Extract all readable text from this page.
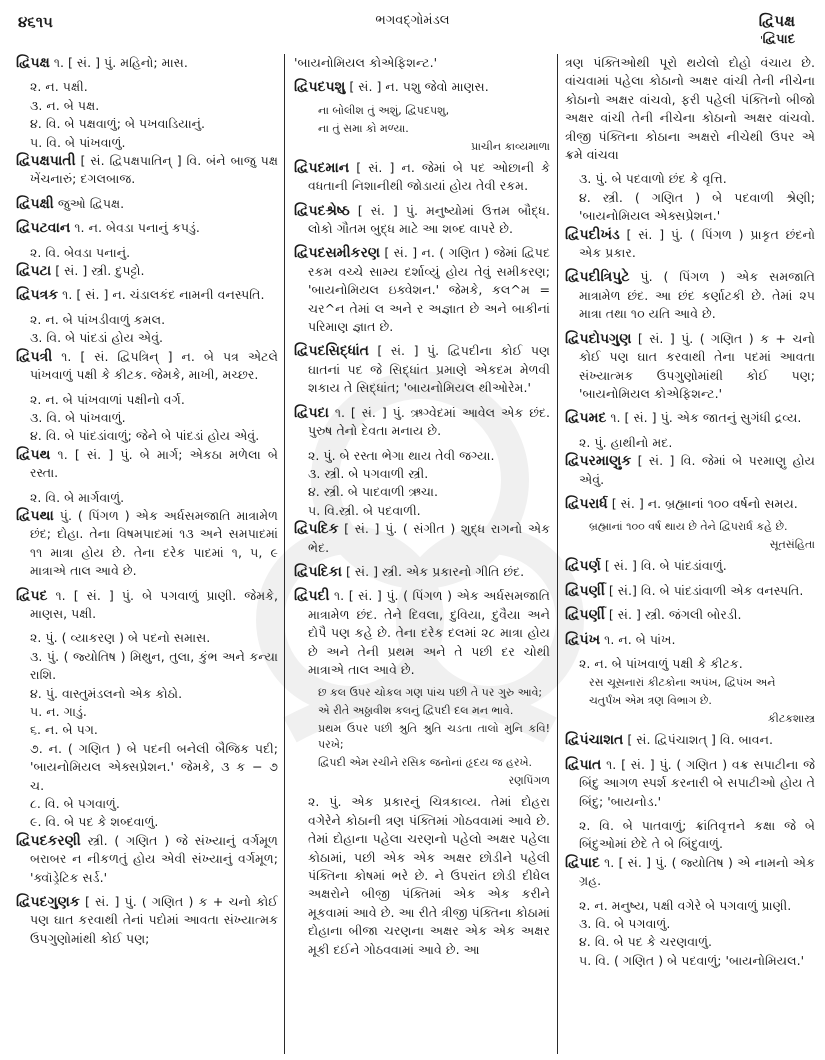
૪૬૧૫	ભગવદ્ગોમંડલ	દ્વિપક્ષ
' દ્વિપાદ
દ્વિપક્ષ ૧. [ સં. ] પું. મહિનો; માસ.

૨. ન. પક્ષી.

૩. ન. બે પક્ષ.

૪. વિ. બે પક્ષવાળું; બે પખવાડિયાનું.

૫. વિ. બે પાંખવાળું.

દ્વિપક્ષપાતી [ સં. દ્વિપક્ષપાતિન્ ] વિ. બંને બાજુ પક્ષ ખેંચનારું; દગલબાજ.
દ્વિપક્ષી જુઓ દ્વિપક્ષ.
દ્વિપટવાન ૧. ન. બેવડા પનાનું કપડું.

૨. વિ. બેવડા પનાનું.

દ્વિપટા [ સં. ] સ્ત્રી. દુપટ્ટો.
દ્વિપત્રક ૧. [ સં. ] ન. ચંડાલકંદ નામની વનસ્પતિ.

૨. ન. બે પાંખડીવાળું કમલ.

૩. વિ. બે પાંદડાં હોય એવું.

દ્વિપત્રી ૧. [ સં. દ્વિપત્રિન્ ] ન. બે પત્ર એટલે પાંખવાળું પક્ષી કે કીટક. જેમકે, માખી, મચ્છર.

૨. ન. બે પાંખવાળાં પક્ષીનો વર્ગ.

૩. વિ. બે પાંખવાળું.

૪. વિ. બે પાંદડાંવાળું; જેને બે પાંદડાં હોય એવું.

દ્વિપથ ૧. [ સં. ] પું. બે માર્ગ; એકઠા મળેલા બે રસ્તા.

૨. વિ. બે માર્ગવાળું.

દ્વિપથા પું. ( પિંગળ ) એક અર્ધસમજાતિ માત્રામેળ છંદ; દોહા. તેના વિષમપાદમાં ૧૩ અને સમપાદમાં ૧૧ માત્રા હોય છે. તેના દરેક પાદમાં ૧, ૫, ૯ માત્રાએ તાલ આવે છે.
દ્વિપદ ૧. [ સં. ] પું. બે પગવાળું પ્રાણી. જેમકે, માણસ, પક્ષી.

૨. પું. ( વ્યાકરણ ) બે પદનો સમાસ.

૩. પું. ( જ્યોતિષ ) મિથુન, તુલા, કુંભ અને કન્યા રાશિ.

૪. પું. વાસ્તુમંડલનો એક કોઠો.

૫. ન. ગાડું.

૬. ન. બે પગ.

૭. ન. ( ગણિત ) બે પદની બનેલી બૈજિક પદી; 'બાયનોમિયલ એક્સપ્રેશન.' જેમકે, ૩ ક − ૭ ચ.

૮. વિ. બે પગવાળું.

૯. વિ. બે પદ કે શબ્દવાળું.

દ્વિપદકરણી સ્ત્રી. ( ગણિત ) જે સંખ્યાનું વર્ગમૂળ બરાબર ન નીકળતું હોય એવી સંખ્યાનું વર્ગમૂળ; 'ક્વૉડ્રેટિક સર્ડ.'
દ્વિપદગુણક [ સં. ] પું. ( ગણિત ) ક + ચનો કોઈ પણ ઘાત કરવાથી તેનાં પદોમાં આવતા સંખ્યાત્મક ઉપગુણોમાંથી કોઈ પણ;

'બાયનોમિયલ કોએફિશન્ટ.'

દ્વિપદપશુ [ સં. ] ન. પશુ જેવો માણસ.

ના બોલીશ તું અશું, દ્વિપદપશુ,

ના તું સમા કો મળ્યા.

પ્રાચીન કાવ્યમાળા

દ્વિપદમાન [ સં. ] ન. જેમાં બે પદ ઓછાની કે વધતાની નિશાનીથી જોડાયાં હોય તેવી રકમ.
દ્વિપદશ્રેષ્ઠ [ સં. ] પું. મનુષ્યોમાં ઉત્તમ બૌદ્ધ. લોકો ગૌતમ બુદ્ધ માટે આ શબ્દ વાપરે છે.
દ્વિપદસમીકરણ [ સં. ] ન. ( ગણિત ) જેમાં દ્વિપદ રકમ વચ્ચે સામ્ય દર્શાવ્યું હોય તેવું સમીકરણ; 'બાયનોમિયલ ઇક્વેશન.' જેમકે, કલ^મ = ચર^ન તેમાં લ અને ર અજ્ઞાત છે અને બાકીનાં પરિમાણ જ્ઞાત છે.
દ્વિપદસિદ્ધાંત [ સં. ] પું. દ્વિપદીના કોઈ પણ ઘાતનાં પદ જે સિદ્ધાંત પ્રમાણે એકદમ મેળવી શકાય તે સિદ્ધાંત; 'બાયનોમિયલ થીઓરેમ.'
દ્વિપદા ૧. [ સં. ] પું. ઋગ્વેદમાં આવેલ એક છંદ. પુરુષ તેનો દેવતા મનાય છે.

૨. પું. બે રસ્તા ભેગા થાય તેવી જગ્યા.

૩. સ્ત્રી. બે પગવાળી સ્ત્રી.

૪. સ્ત્રી. બે પાદવાળી ઋચા.

૫. વિ.સ્ત્રી. બે પદવાળી.

દ્વિપદિક [ સં. ] પું. ( સંગીત ) શુદ્ધ રાગનો એક ભેદ.
દ્વિપદિકા [ સં. ] સ્ત્રી. એક પ્રકારનો ગીતિ છંદ.
દ્વિપદી ૧. [ સં. ] પું. ( પિંગળ ) એક અર્ધસમજાતિ માત્રામેળ છંદ. તેને દિવલા, દુવિયા, દુવૈયા અને દોપૈ પણ કહે છે. તેના દરેક દલમાં ૨૮ માત્રા હોય છે અને તેની પ્રથમ અને તે પછી દર ચોથી માત્રાએ તાલ આવે છે.

છ કલ ઉપર ચોકલ ગણ પાંચ પછી તે પર ગુરુ આવે;

એ રીતે અઠ્ઠાવીશ કલનું દ્વિપદી દલ મન ભાવે.

પ્રથમ ઉપર પછી શ્રુતિ શ્રુતિ ચડતા તાલો મુનિ કવિ!પરખે;

દ્વિપદી એમ રચીને રસિક જનોનાં હૃદય જ હરખે.

રણપિંગળ

૨. પું. એક પ્રકારનું ચિત્રકાવ્ય. તેમાં દોહરા વગેરેને કોઠાની ત્રણ પંક્તિમાં ગોઠવવામાં આવે છે. તેમાં દોહાના પહેલા ચરણનો પહેલો અક્ષર પહેલા કોઠામાં, પછી એક એક અક્ષર છોડીને પહેલી પંક્તિના કોષમાં ભરે છે. ને ઉપરાંત છોડી દીધેલ અક્ષરોને બીજી પંક્તિમાં એક એક કરીને મૂકવામાં આવે છે. આ રીતે ત્રીજી પંક્તિના કોઠામાં દોહાના બીજા ચરણના અક્ષર એક એક અક્ષર મૂકી દઈને ગોઠવવામાં આવે છે. આ

ત્રણ પંક્તિઓથી પૂરો થયેલો દોહો વંચાય છે. વાંચવામાં પહેલા કોઠાનો અક્ષર વાંચી તેની નીચેના કોઠાનો અક્ષર વાંચવો, ફરી પહેલી પંક્તિનો બીજો અક્ષર વાંચી તેની નીચેના કોઠાનો અક્ષર વાંચવો. ત્રીજી પંક્તિના કોઠાના અક્ષરો નીચેથી ઉપર એ ક્રમે વાંચવા

૩. પું. બે પદવાળો છંદ કે વૃત્તિ.

૪. સ્ત્રી. ( ગણિત ) બે પદવાળી શ્રેણી; 'બાયનોમિયલ એક્સપ્રેશન.'

દ્વિપદીખંડ [ સં. ] પું. ( પિંગળ ) પ્રાકૃત છંદનો એક પ્રકાર.
દ્વિપદીત્રિપુટે પું. ( પિંગળ ) એક સમજાતિ માત્રામેળ છંદ. આ છંદ કર્ણાટકી છે. તેમાં ૨૫ માત્રા તથા ૧૦ યતિ આવે છે.
દ્વિપદોપગુણ [ સં. ] પું. ( ગણિત ) ક + ચનો કોઈ પણ ઘાત કરવાથી તેના પદમાં આવતા સંખ્યાત્મક ઉપગુણોમાંથી કોઈ પણ; 'બાયનોમિયલ કોએફિશન્ટ.'
દ્વિપમદ ૧. [ સં. ] પું. એક જાતનું સુગંધી દ્રવ્ય.

૨. પું. હાથીનો મદ.

દ્વિપરમાણુક [ સં. ] વિ. જેમાં બે પરમાણુ હોય એવું.
દ્વિપરાર્ધ [ સં. ] ન. બ્રહ્માનાં ૧૦૦ વર્ષનો સમય.

બ્રહ્માનાં ૧૦૦ વર્ષ થાય છે તેને દ્વિપરાર્ધ કહે છે.

સૂતસંહિતા

દ્વિપર્ણ [ સં. ] વિ. બે પાંદડાંવાળું.
દ્વિપર્ણી [ સં.] વિ. બે પાંદડાંવાળી એક વનસ્પતિ.
દ્વિપર્ણી [ સં. ] સ્ત્રી. જંગલી બોરડી.
દ્વિપંખ ૧. ન. બે પાંખ.

૨. ન. બે પાંખવાળું પક્ષી કે કીટક.

રસ ચૂસનારાં કીટકોના અપંખ, દ્વિપંખ અને

ચતુર્પંખ એમ ત્રણ વિભાગ છે.

કીટકશાસ્ત્ર

દ્વિપંચાશત [ સં. દ્વિપંચાશત્ ] વિ. બાવન.
દ્વિપાત ૧. [ સં. ] પું. ( ગણિત ) વક્ર સપાટીના જે બિંદુ આગળ સ્પર્શ કરનારી બે સપાટીઓ હોય તે બિંદુ; 'બાયનોડ.'

૨. વિ. બે પાતવાળું; ક્રાંતિવૃત્તને કક્ષા જે બે બિંદુઓમાં છેદે તે બે બિંદુવાળું.

દ્વિપાદ ૧. [ સં. ] પું. ( જ્યોતિષ ) એ નામનો એક ગ્રહ.

૨. ન. મનુષ્ય, પક્ષી વગેરે બે પગવાળું પ્રાણી.

૩. વિ. બે પગવાળું.

૪. વિ. બે પદ કે ચરણવાળું.

૫. વિ. ( ગણિત ) બે પદવાળું; 'બાયનોમિયલ.'
